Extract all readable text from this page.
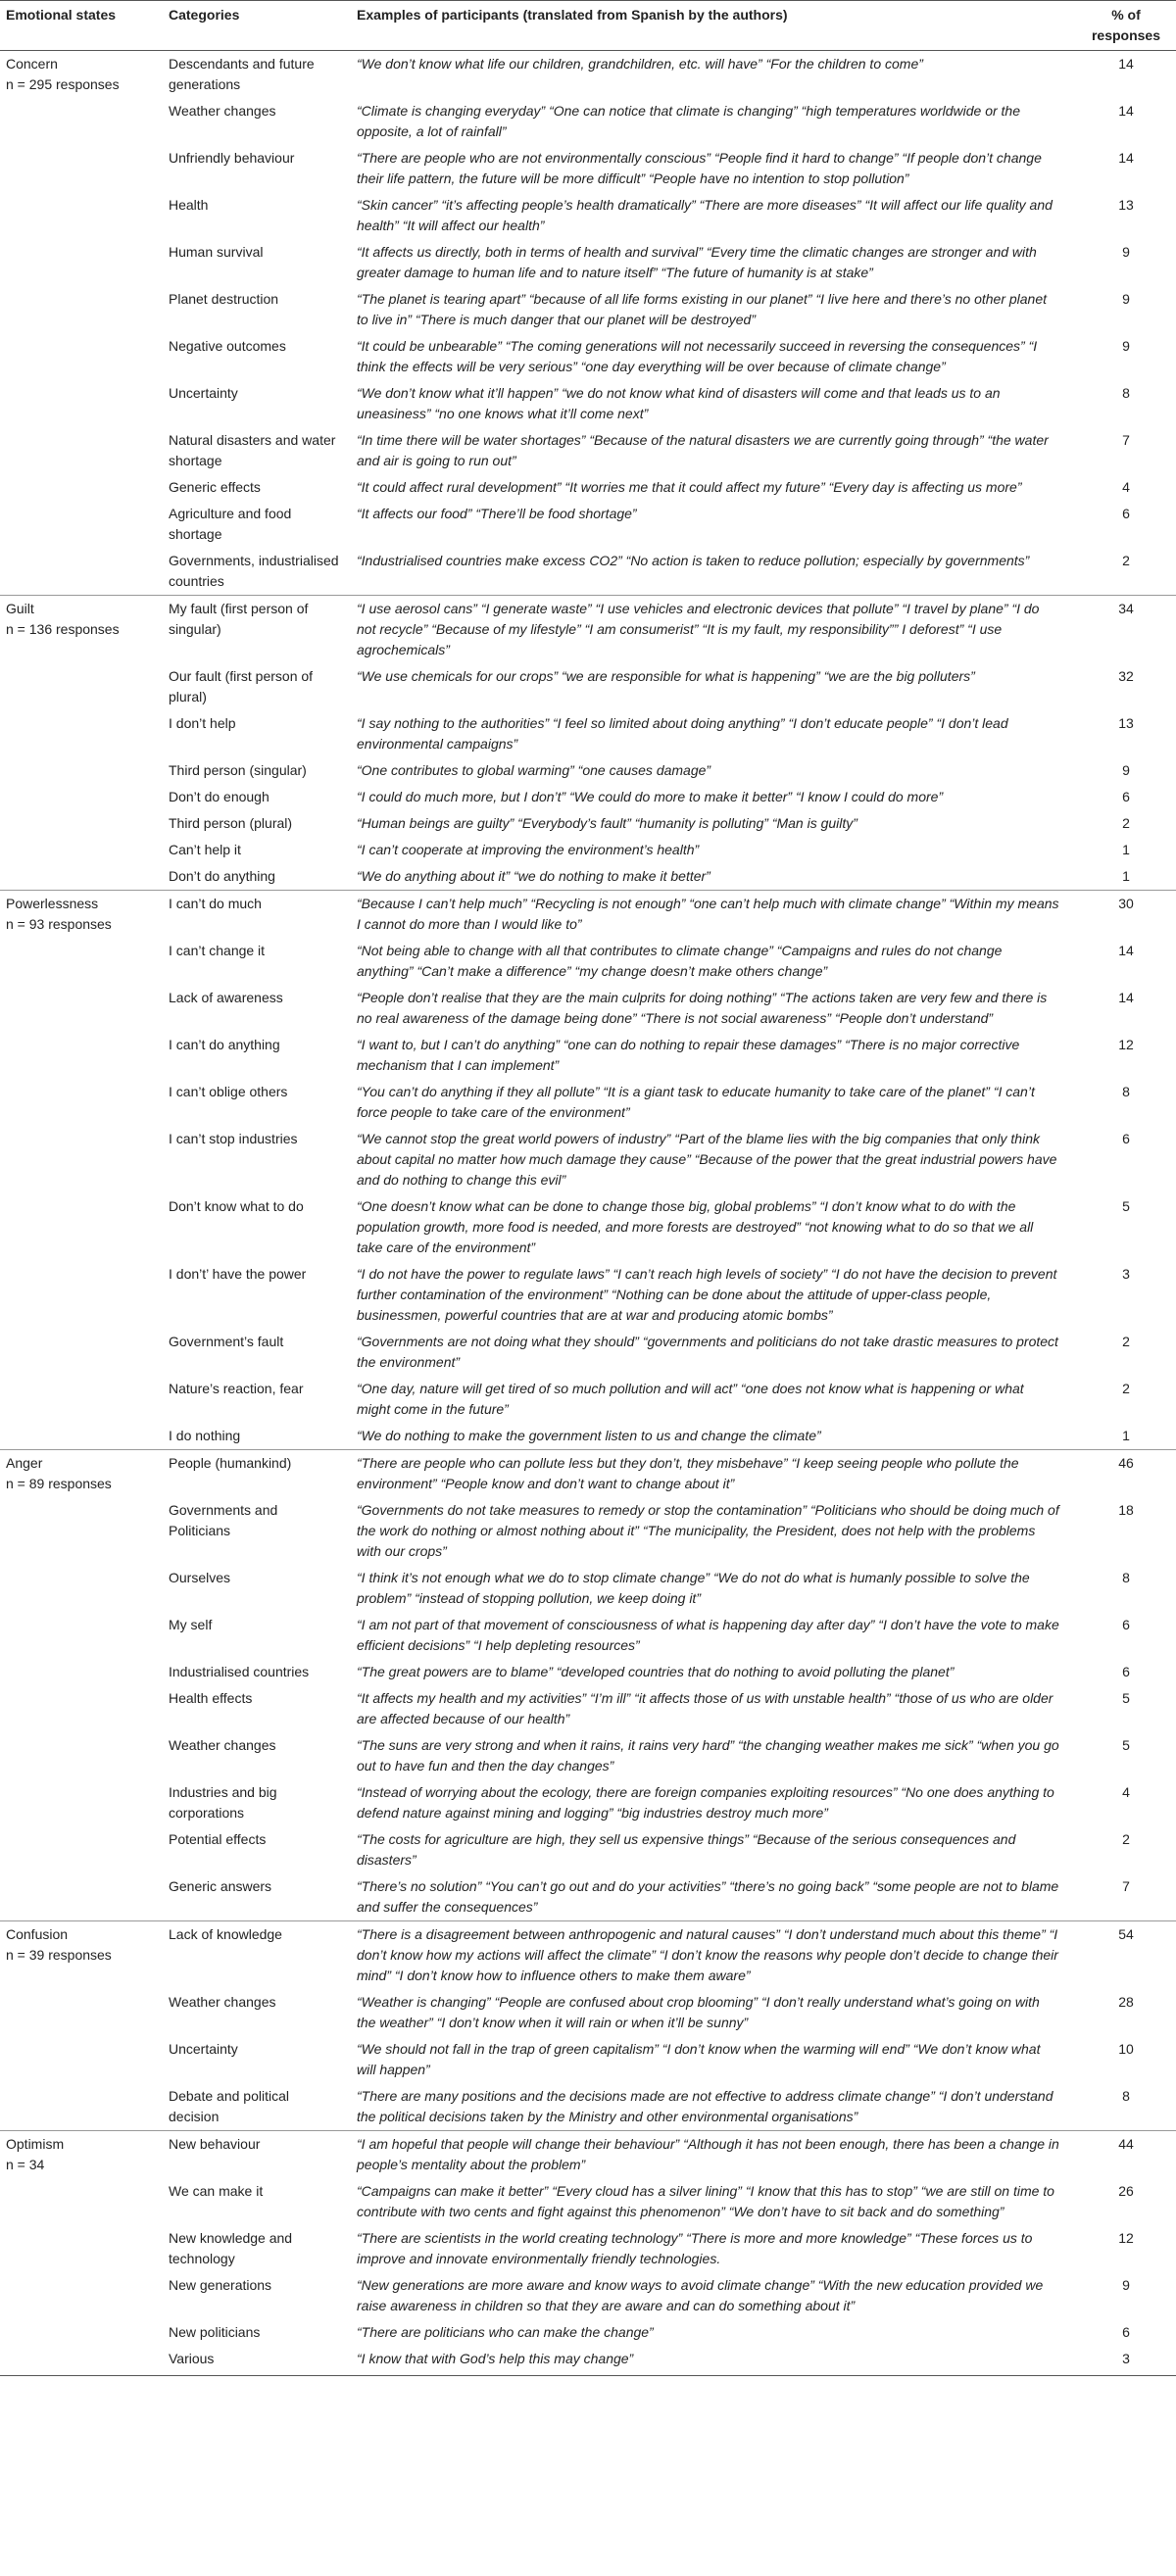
Emotional states	Categories	Examples of participants (translated from Spanish by the authors)	% of
responses

Concern
n = 295 responses	Descendants and future generations	“We don’t know what life our children, grandchildren, etc. will have” “For the children to come”	14
	Weather changes	“Climate is changing everyday” “One can notice that climate is changing” “high temperatures worldwide or the opposite, a lot of rainfall”	14
	Unfriendly behaviour	“There are people who are not environmentally conscious” “People find it hard to change” “If people don’t change their life pattern, the future will be more difficult” “People have no intention to stop pollution”	14
	Health	“Skin cancer” “it’s affecting people’s health dramatically” “There are more diseases” “It will affect our life quality and health” “It will affect our health”	13
	Human survival	“It affects us directly, both in terms of health and survival” “Every time the climatic changes are stronger and with greater damage to human life and to nature itself” “The future of humanity is at stake”	9
	Planet destruction	“The planet is tearing apart” “because of all life forms existing in our planet” “I live here and there’s no other planet to live in” “There is much danger that our planet will be destroyed”	9
	Negative outcomes	“It could be unbearable” “The coming generations will not necessarily succeed in reversing the consequences” “I think the effects will be very serious” “one day everything will be over because of climate change”	9
	Uncertainty	“We don’t know what it’ll happen” “we do not know what kind of disasters will come and that leads us to an uneasiness” “no one knows what it’ll come next”	8
	Natural disasters and water shortage	“In time there will be water shortages” “Because of the natural disasters we are currently going through” “the water and air is going to run out”	7
	Generic effects	“It could affect rural development” “It worries me that it could affect my future” “Every day is affecting us more”	4
	Agriculture and food shortage	“It affects our food” “There’ll be food shortage”	6
	Governments, industrialised countries	“Industrialised countries make excess CO2” “No action is taken to reduce pollution; especially by governments”	2

Guilt
n = 136 responses	My fault (first person of singular)	“I use aerosol cans” “I generate waste” “I use vehicles and electronic devices that pollute” “I travel by plane” “I do not recycle” “Because of my lifestyle” “I am consumerist” “It is my fault, my responsibility”” I deforest” “I use agrochemicals”	34
	Our fault (first person of plural)	“We use chemicals for our crops” “we are responsible for what is happening” “we are the big polluters”	32
	I don’t help	“I say nothing to the authorities” “I feel so limited about doing anything” “I don’t educate people” “I don’t lead environmental campaigns”	13
	Third person (singular)	“One contributes to global warming” “one causes damage”	9
	Don’t do enough	“I could do much more, but I don’t” “We could do more to make it better” “I know I could do more”	6
	Third person (plural)	“Human beings are guilty” “Everybody’s fault” “humanity is polluting” “Man is guilty”	2
	Can’t help it	“I can’t cooperate at improving the environment’s health”	1
	Don’t do anything	“We do anything about it” “we do nothing to make it better”	1

Powerlessness
n = 93 responses	I can’t do much	“Because I can’t help much” “Recycling is not enough” “one can’t help much with climate change” “Within my means I cannot do more than I would like to”	30
	I can’t change it	“Not being able to change with all that contributes to climate change” “Campaigns and rules do not change anything” “Can’t make a difference” “my change doesn’t make others change”	14
	Lack of awareness	“People don’t realise that they are the main culprits for doing nothing” “The actions taken are very few and there is no real awareness of the damage being done” “There is not social awareness” “People don’t understand”	14
	I can’t do anything	“I want to, but I can’t do anything” “one can do nothing to repair these damages” “There is no major corrective mechanism that I can implement”	12
	I can’t oblige others	“You can’t do anything if they all pollute” “It is a giant task to educate humanity to take care of the planet” “I can’t force people to take care of the environment”	8
	I can’t stop industries	“We cannot stop the great world powers of industry” “Part of the blame lies with the big companies that only think about capital no matter how much damage they cause” “Because of the power that the great industrial powers have and do nothing to change this evil”	6
	Don’t know what to do	“One doesn’t know what can be done to change those big, global problems” “I don’t know what to do with the population growth, more food is needed, and more forests are destroyed” “not knowing what to do so that we all take care of the environment”	5
	I don’t’ have the power	“I do not have the power to regulate laws” “I can’t reach high levels of society” “I do not have the decision to prevent further contamination of the environment” “Nothing can be done about the attitude of upper-class people, businessmen, powerful countries that are at war and producing atomic bombs”	3
	Government’s fault	“Governments are not doing what they should” “governments and politicians do not take drastic measures to protect the environment”	2
	Nature’s reaction, fear	“One day, nature will get tired of so much pollution and will act” “one does not know what is happening or what might come in the future”	2
	I do nothing	“We do nothing to make the government listen to us and change the climate”	1

Anger
n = 89 responses	People (humankind)	“There are people who can pollute less but they don’t, they misbehave” “I keep seeing people who pollute the environment” “People know and don’t want to change about it”	46
	Governments and Politicians	“Governments do not take measures to remedy or stop the contamination” “Politicians who should be doing much of the work do nothing or almost nothing about it” “The municipality, the President, does not help with the problems with our crops”	18
	Ourselves	“I think it’s not enough what we do to stop climate change” “We do not do what is humanly possible to solve the problem” “instead of stopping pollution, we keep doing it”	8
	My self	“I am not part of that movement of consciousness of what is happening day after day” “I don’t have the vote to make efficient decisions” “I help depleting resources”	6
	Industrialised countries	“The great powers are to blame” “developed countries that do nothing to avoid polluting the planet”	6
	Health effects	“It affects my health and my activities” “I’m ill” “it affects those of us with unstable health” “those of us who are older are affected because of our health”	5
	Weather changes	“The suns are very strong and when it rains, it rains very hard” “the changing weather makes me sick” “when you go out to have fun and then the day changes”	5
	Industries and big corporations	“Instead of worrying about the ecology, there are foreign companies exploiting resources” “No one does anything to defend nature against mining and logging” “big industries destroy much more”	4
	Potential effects	“The costs for agriculture are high, they sell us expensive things” “Because of the serious consequences and disasters”	2
	Generic answers	“There’s no solution” “You can’t go out and do your activities” “there’s no going back” “some people are not to blame and suffer the consequences”	7

Confusion
n = 39 responses	Lack of knowledge	“There is a disagreement between anthropogenic and natural causes” “I don’t understand much about this theme” “I don’t know how my actions will affect the climate” “I don’t know the reasons why people don’t decide to change their mind” “I don’t know how to influence others to make them aware”	54
	Weather changes	“Weather is changing” “People are confused about crop blooming” “I don’t really understand what’s going on with the weather” “I don’t know when it will rain or when it’ll be sunny”	28
	Uncertainty	“We should not fall in the trap of green capitalism” “I don’t know when the warming will end” “We don’t know what will happen”	10
	Debate and political decision	“There are many positions and the decisions made are not effective to address climate change” “I don’t understand the political decisions taken by the Ministry and other environmental organisations”	8

Optimism
n = 34	New behaviour	“I am hopeful that people will change their behaviour” “Although it has not been enough, there has been a change in people’s mentality about the problem”	44
	We can make it	“Campaigns can make it better” “Every cloud has a silver lining” “I know that this has to stop” “we are still on time to contribute with two cents and fight against this phenomenon” “We don’t have to sit back and do something”	26
	New knowledge and technology	“There are scientists in the world creating technology” “There is more and more knowledge” “These forces us to improve and innovate environmentally friendly technologies.	12
	New generations	“New generations are more aware and know ways to avoid climate change” “With the new education provided we raise awareness in children so that they are aware and can do something about it”	9
	New politicians	“There are politicians who can make the change”	6
	Various	“I know that with God’s help this may change”	3
